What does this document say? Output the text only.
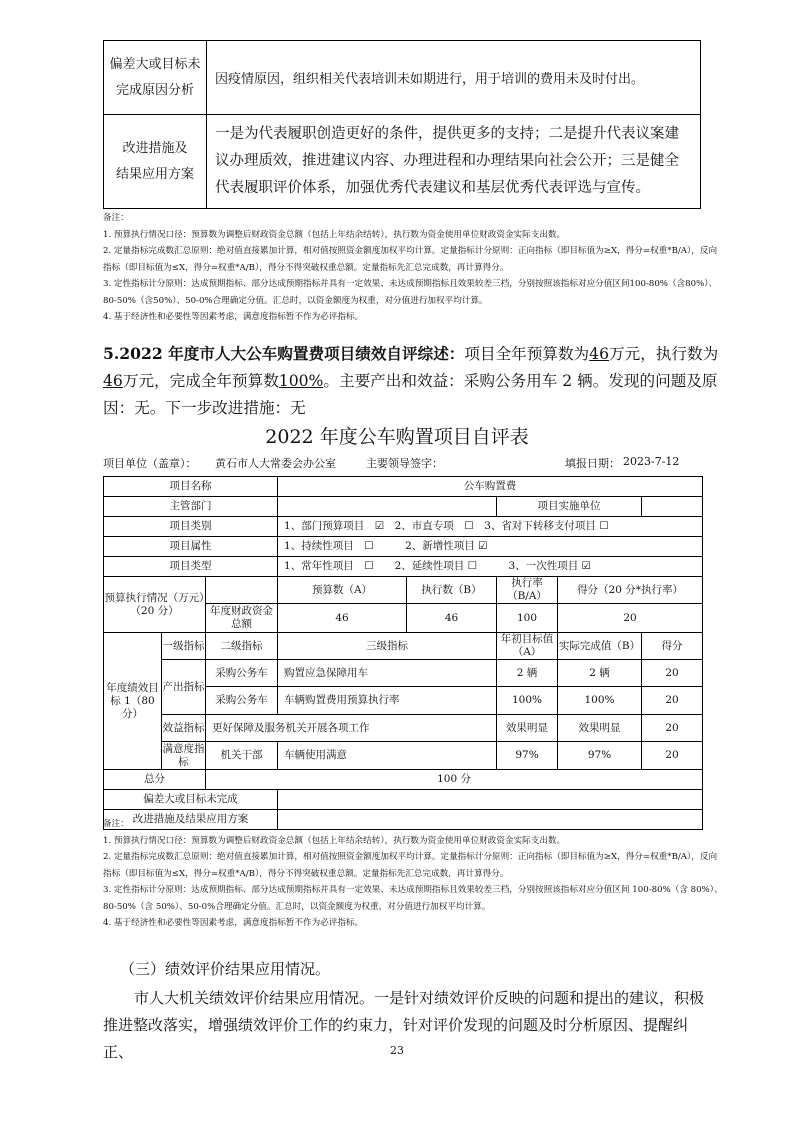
偏差大或目标未
完成原因分析	因疫情原因，组织相关代表培训未如期进行，用于培训的费用未及时付出。

改进措施及
结果应用方案	一是为代表履职创造更好的条件，提供更多的支持；二是提升代表议案建议办理质效，推进建议内容、办理进程和办理结果向社会公开；三是健全代表履职评价体系，加强优秀代表建议和基层优秀代表评选与宣传。

备注：

1. 预算执行情况口径：预算数为调整后财政资金总额（包括上年结余结转），执行数为资金使用单位财政资金实际支出数。

2. 定量指标完成数汇总原则：绝对值直接累加计算，相对值按照资金额度加权平均计算。定量指标计分原则：正向指标（即目标值为≥X，得分=权重*B/A），反向指标（即目标值为≤X，得分=权重*A/B），得分不得突破权重总额。定量指标先汇总完成数，再计算得分。

3. 定性指标计分原则：达成预期指标、部分达成预期指标并具有一定效果、未达成预期指标且效果较差三档，分别按照该指标对应分值区间100-80%（含80%）、80-50%（含50%）、50-0%合理确定分值。汇总时，以资金额度为权重，对分值进行加权平均计算。

4. 基于经济性和必要性等因素考虑，满意度指标暂不作为必评指标。

5.2022 年度市人大公车购置费项目绩效自评综述：项目全年预算数为46万元，执行数为46万元，完成全年预算数100%。主要产出和效益：采购公务用车 2 辆。发现的问题及原因：无。下一步改进措施：无
2022 年度公车购置项目自评表
项目单位（盖章）： 黄石市人大常委会办公室	主要领导签字：	填报日期： 2023-7-12
项目名称			公车购置费				
主管部门					项目实施单位		
项目类别			1、部门预算项目　☑　2、市直专项　☐　3、省对下转移支付项目 ☐				
项目属性			1、持续性项目　☐　　　2、新增性项目 ☑				
项目类型			1、常年性项目　☐　　2、延续性项目 ☐　　　3、一次性项目 ☑				
预算执行情况（万元）（20 分）			预算数（A）	执行数（B）	执行率（B/A）	得分（20 分*执行率）	
		年度财政资金总额	46	46	100	20	
年度绩效目标 1（80 分）	一级指标	二级指标	三级指标		年初目标值（A）	实际完成值（B）	得分
	产出指标	采购公务车	购置应急保障用车		2 辆	2 辆	20
		采购公务车	车辆购置费用预算执行率		100%	100%	20
	效益指标	更好保障及服务机关开展各项工作			效果明显	效果明显	20
	满意度指标	机关干部	车辆使用满意		97%	97%	20
总分		100 分					
偏差大或目标未完成							
改进措施及结果应用方案							

备注：

1. 预算执行情况口径：预算数为调整后财政资金总额（包括上年结余结转），执行数为资金使用单位财政资金实际支出数。

2. 定量指标完成数汇总原则：绝对值直接累加计算，相对值按照资金额度加权平均计算。定量指标计分原则：正向指标（即目标值为≥X，得分=权重*B/A），反向指标（即目标值为≤X，得分=权重*A/B），得分不得突破权重总额。定量指标先汇总完成数，再计算得分。

3. 定性指标计分原则：达成预期指标、部分达成预期指标并具有一定效果、未达成预期指标且效果较差三档，分别按照该指标对应分值区间 100-80%（含 80%）、80-50%（含 50%）、50-0%合理确定分值。汇总时，以资金额度为权重，对分值进行加权平均计算。

4. 基于经济性和必要性等因素考虑，满意度指标暂不作为必评指标。

（三）绩效评价结果应用情况。

市人大机关绩效评价结果应用情况。一是针对绩效评价反映的问题和提出的建议，积极推进整改落实，增强绩效评价工作的约束力，针对评价发现的问题及时分析原因、提醒纠正、	23
